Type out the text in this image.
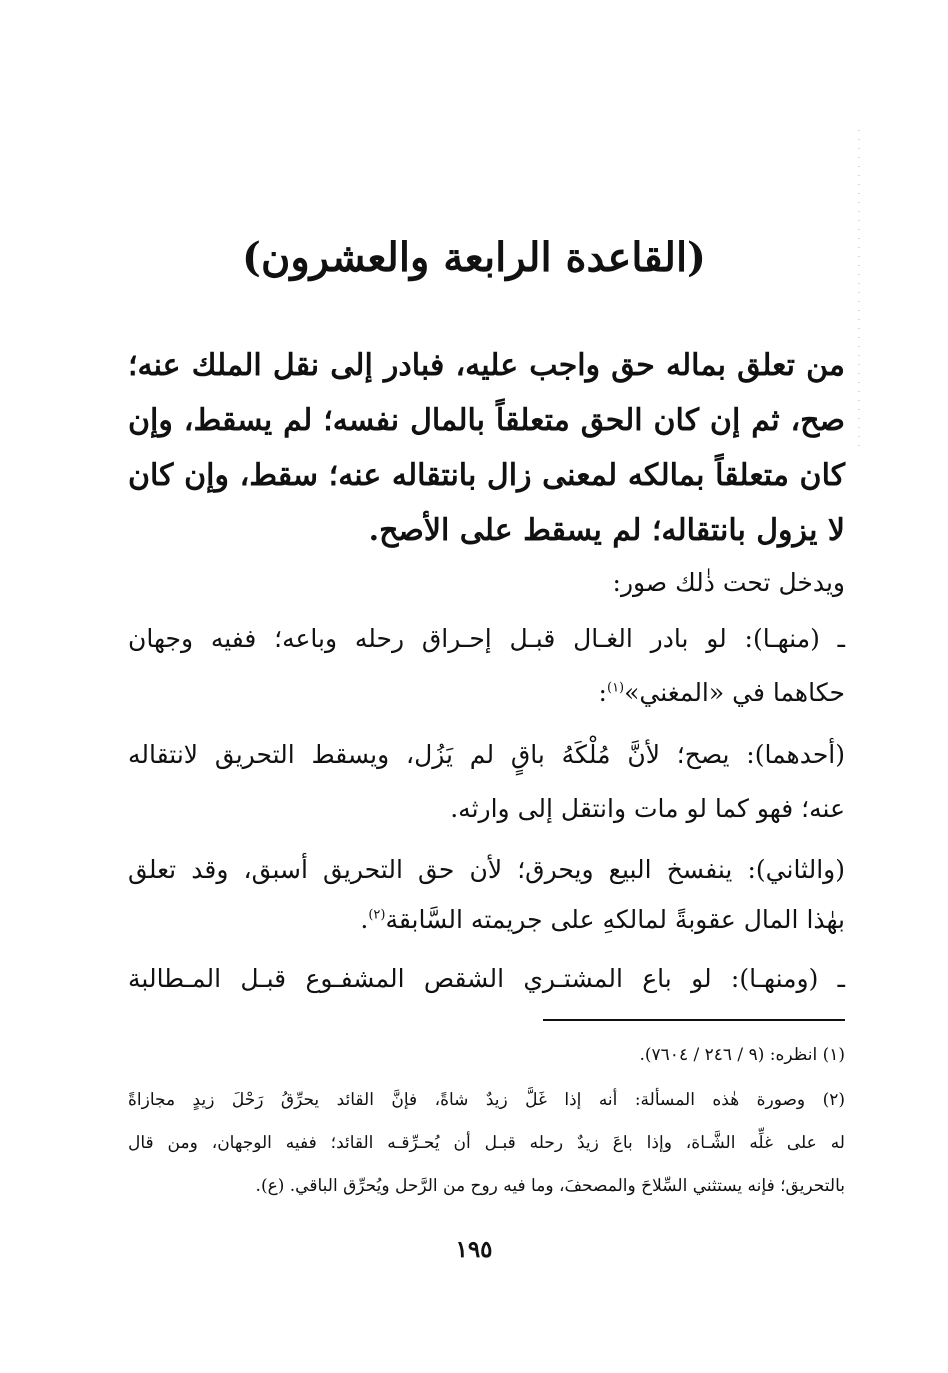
(القاعدة الرابعة والعشرون)
من تعلق بماله حق واجب عليه، فبادر إلى نقل الملك عنه؛ صح، ثم إن كان الحق متعلقاً بالمال نفسه؛ لم يسقط، وإن كان متعلقاً بمالكه لمعنى زال بانتقاله عنه؛ سقط، وإن كان لا يزول بانتقاله؛ لم يسقط على الأصح.
ويدخل تحت ذٰلك صور:
ـ (منهـا): لو بادر الغـال قبـل إحـراق رحله وباعه؛ ففيه وجهان
حكاهما في «المغني»$^{(١)}$:
(أحدهما): يصح؛ لأنَّ مُلْكَهُ باقٍ لم يَزُل، ويسقط التحريق لانتقاله
عنه؛ فهو كما لو مات وانتقل إلى وارثه.
(والثاني): ينفسخ البيع ويحرق؛ لأن حق التحريق أسبق، وقد تعلق
بهٰذا المال عقوبةً لمالكهِ على جريمته السَّابقة$^{(٢)}$.
ـ (ومنهـا): لو باع المشتـري الشقص المشفـوع قبـل المـطالبة
(١) انظره: (٩ / ٢٤٦ / ٧٦٠٤).
(٢) وصورة هٰذه المسألة: أنه إذا غَلَّ زيدٌ شاةً، فإنَّ القائد يحرِّقُ رَحْلَ زيدٍ مجازاةً
له على غلِّه الشَّـاة، وإذا باعَ زيدٌ رحله قبـل أن يُحـرِّقـه القائد؛ ففيه الوجهان، ومن قال
بالتحريق؛ فإنه يستثني السِّلاحَ والمصحفَ، وما فيه روح من الرَّحل ويُحرِّق الباقي. (ع).
١٩٥
